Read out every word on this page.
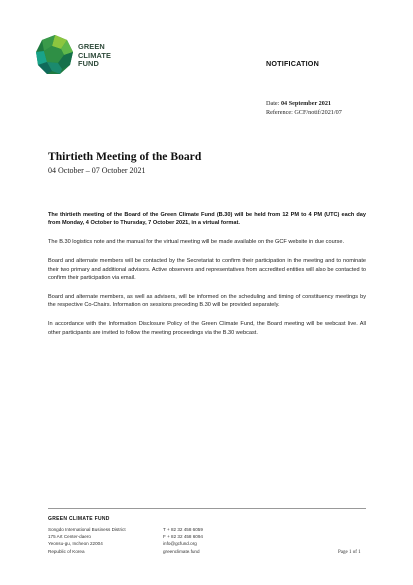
GREEN
CLIMATE
FUND	NOTIFICATION
Date: 04 September 2021
Reference: GCF/notif/2021/07
Thirtieth Meeting of the Board
04 October – 07 October 2021

The thirtieth meeting of the Board of the Green Climate Fund (B.30) will be held from 12 PM to 4 PM (UTC) each day from Monday, 4 October to Thursday, 7 October 2021, in a virtual format.

The B.30 logistics note and the manual for the virtual meeting will be made available on the GCF website in due course.

Board and alternate members will be contacted by the Secretariat to confirm their participation in the meeting and to nominate their two primary and additional advisors. Active observers and representatives from accredited entities will also be contacted to confirm their participation via email.

Board and alternate members, as well as advisers, will be informed on the scheduling and timing of constituency meetings by the respective Co-Chairs. Information on sessions preceding B.30 will be provided separately.

In accordance with the Information Disclosure Policy of the Green Climate Fund, the Board meeting will be webcast live. All other participants are invited to follow the meeting proceedings via the B.30 webcast.

GREEN CLIMATE FUND
Songdo International Business District
175 Art Center-daero
Yeonsu-gu, Incheon 22004
Republic of Korea
T + 82 32 458 6059
F + 82 32 458 6094
info@gcfund.org
greenclimate.fund	Page 1 of 1
